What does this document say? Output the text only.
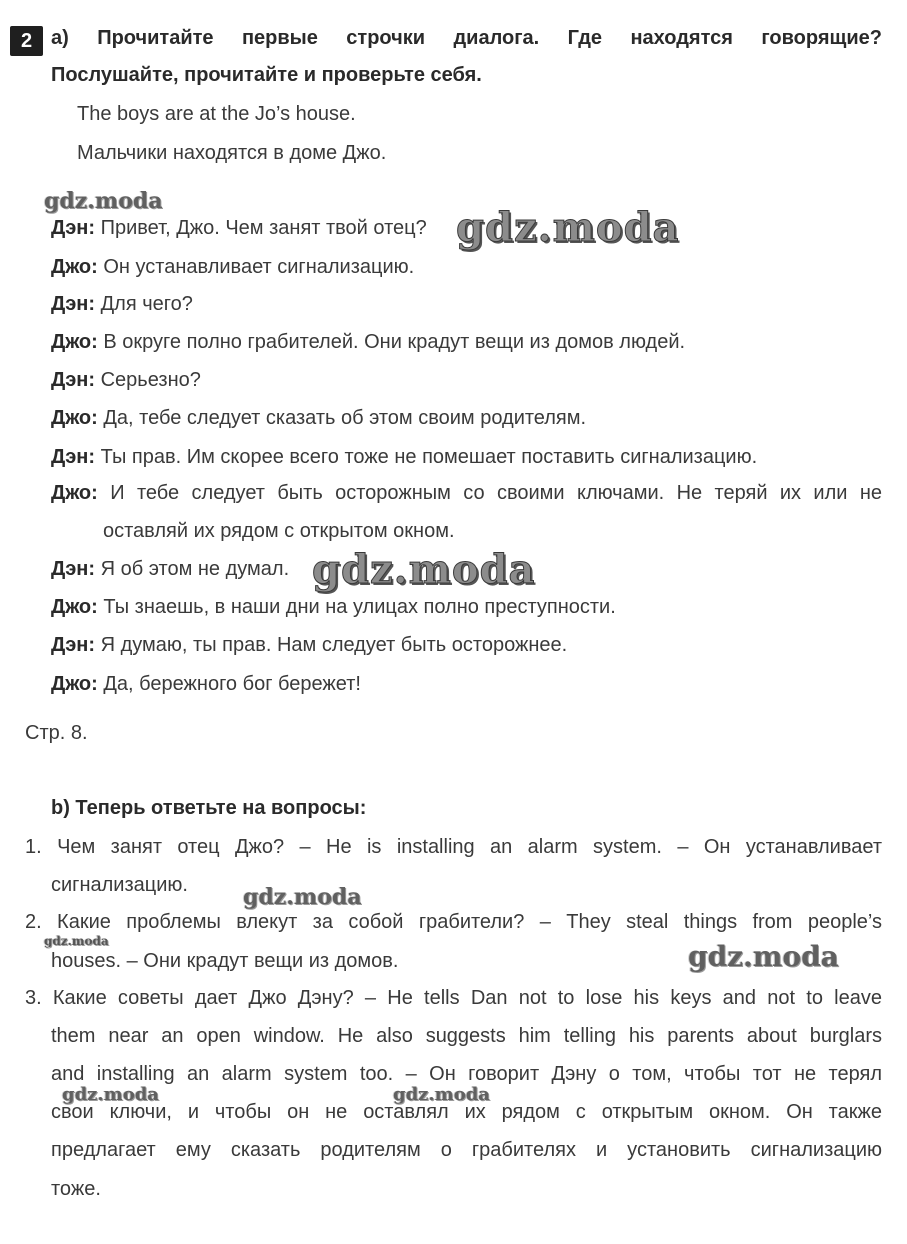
2 a) Прочитайте первые строчки диалога. Где находятся говорящие?
Послушайте, прочитайте и проверьте себя.
The boys are at the Jo’s house.
Мальчики находятся в доме Джо.
Дэн: Привет, Джо. Чем занят твой отец?
Джо: Он устанавливает сигнализацию.
Дэн: Для чего?
Джо: В округе полно грабителей. Они крадут вещи из домов людей.
Дэн: Серьезно?
Джо: Да, тебе следует сказать об этом своим родителям.
Дэн: Ты прав. Им скорее всего тоже не помешает поставить сигнализацию.
Джо: И тебе следует быть осторожным со своими ключами. Не теряй их или не
оставляй их рядом с открытом окном.
Дэн: Я об этом не думал.
Джо: Ты знаешь, в наши дни на улицах полно преступности.
Дэн: Я думаю, ты прав. Нам следует быть осторожнее.
Джо: Да, бережного бог бережет!
Стр. 8.
b) Теперь ответьте на вопросы:
1. Чем занят отец Джо? – He is installing an alarm system. – Он устанавливает
сигнализацию.
2. Какие проблемы влекут за собой грабители? – They steal things from people’s
houses. – Они крадут вещи из домов.
3. Какие советы дает Джо Дэну? – He tells Dan not to lose his keys and not to leave
them near an open window. He also suggests him telling his parents about burglars
and installing an alarm system too. – Он говорит Дэну о том, чтобы тот не терял
свои ключи, и чтобы он не оставлял их рядом с открытым окном. Он также
предлагает ему сказать родителям о грабителях и установить сигнализацию
тоже.
gdz.moda
gdz.moda
gdz.moda
gdz.moda
gdz.moda	gdz.moda
gdz.moda	gdz.moda
